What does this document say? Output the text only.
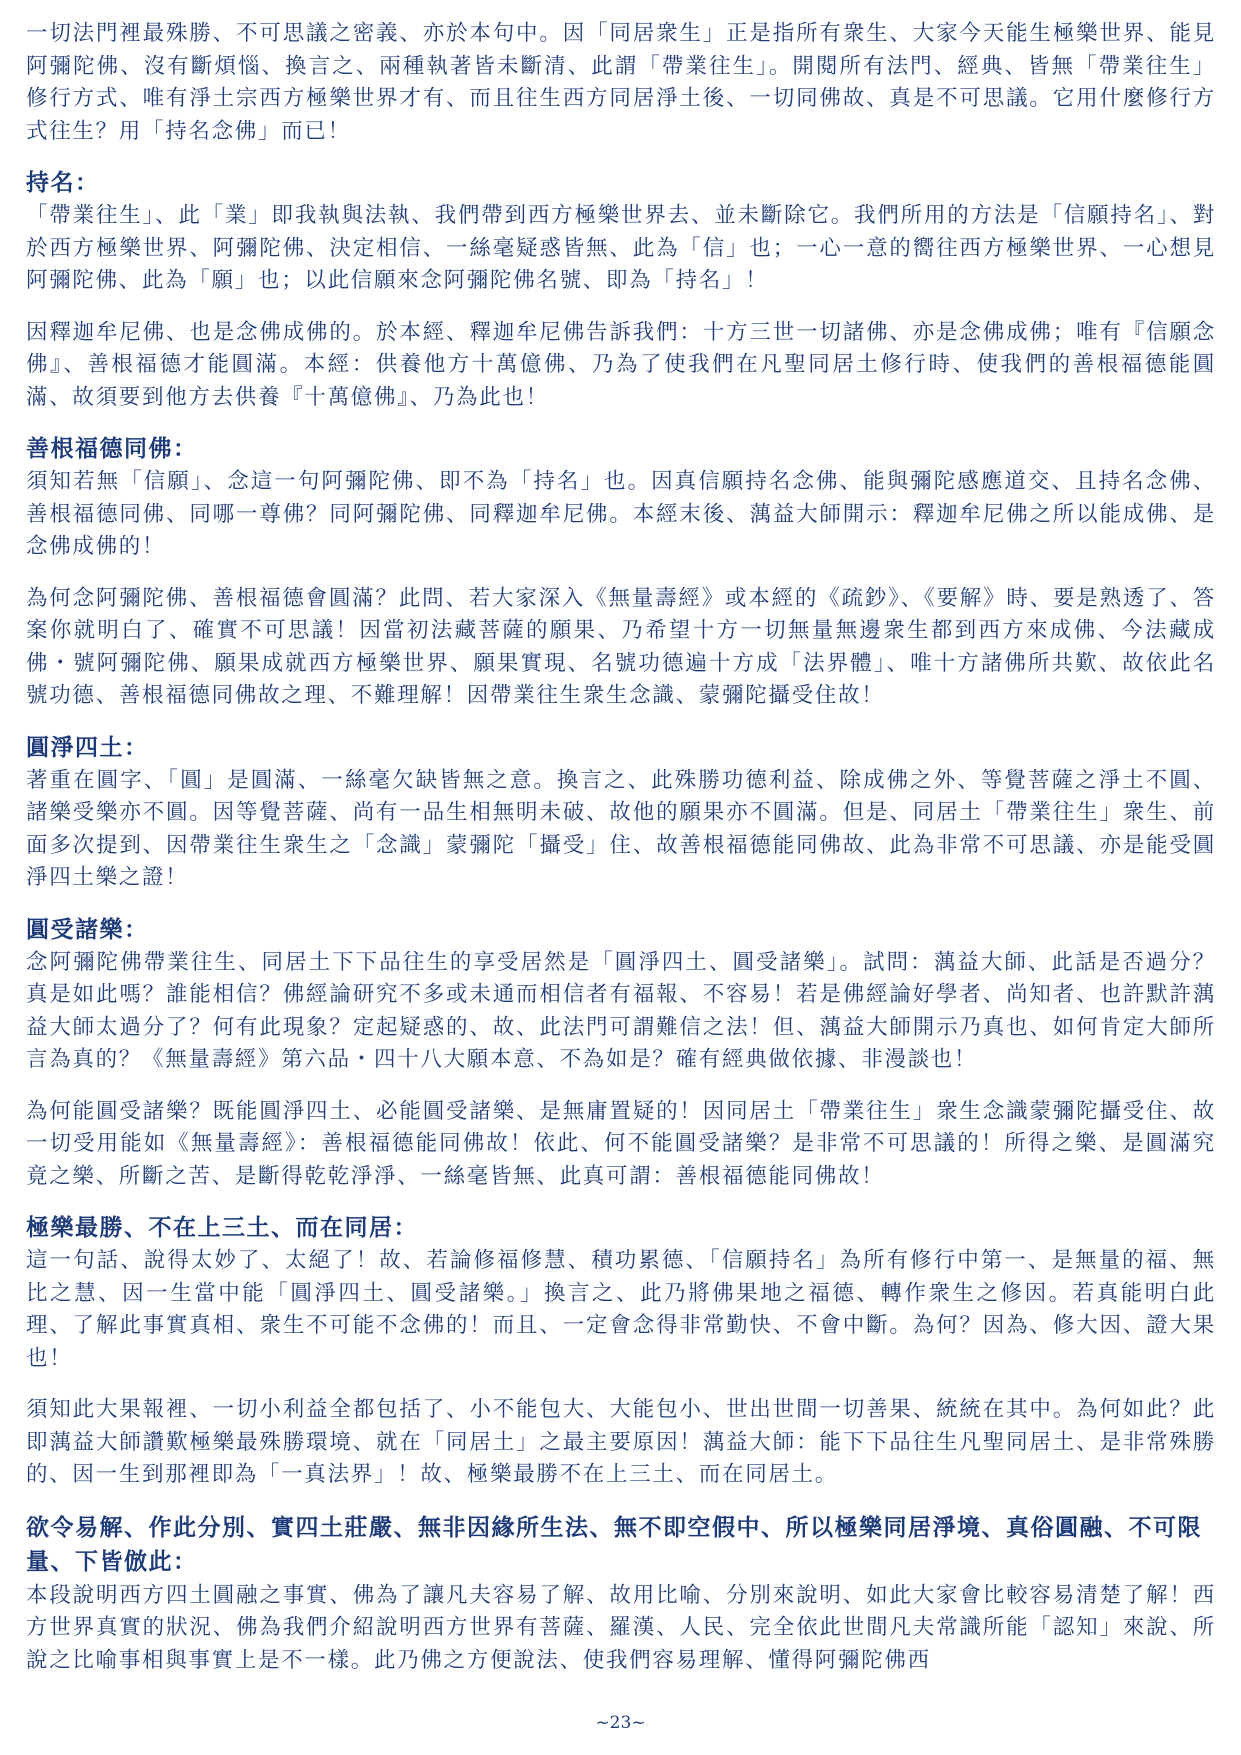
一切法門裡最殊勝、不可思議之密義、亦於本句中。因「同居衆生」正是指所有衆生、大家今天能生極樂世界、能見阿彌陀佛、沒有斷煩惱、換言之、兩種執著皆未斷清、此謂「帶業往生」。開閱所有法門、經典、皆無「帶業往生」修行方式、唯有淨土宗西方極樂世界才有、而且往生西方同居淨土後、一切同佛故、真是不可思議。它用什麼修行方式往生？用「持名念佛」而已！

持名：

「帶業往生」、此「業」即我執與法執、我們帶到西方極樂世界去、並未斷除它。我們所用的方法是「信願持名」、對於西方極樂世界、阿彌陀佛、決定相信、一絲毫疑惑皆無、此為「信」也；一心一意的嚮往西方極樂世界、一心想見阿彌陀佛、此為「願」也；以此信願來念阿彌陀佛名號、即為「持名」！

因釋迦牟尼佛、也是念佛成佛的。於本經、釋迦牟尼佛告訴我們：十方三世一切諸佛、亦是念佛成佛；唯有『信願念佛』、善根福德才能圓滿。本經：供養他方十萬億佛、乃為了使我們在凡聖同居土修行時、使我們的善根福德能圓滿、故須要到他方去供養『十萬億佛』、乃為此也！

善根福德同佛：

須知若無「信願」、念這一句阿彌陀佛、即不為「持名」也。因真信願持名念佛、能與彌陀感應道交、且持名念佛、善根福德同佛、同哪一尊佛？同阿彌陀佛、同釋迦牟尼佛。本經末後、蕅益大師開示：釋迦牟尼佛之所以能成佛、是念佛成佛的！

為何念阿彌陀佛、善根福德會圓滿？此問、若大家深入《無量壽經》或本經的《疏鈔》、《要解》時、要是熟透了、答案你就明白了、確實不可思議！因當初法藏菩薩的願果、乃希望十方一切無量無邊衆生都到西方來成佛、今法藏成佛・號阿彌陀佛、願果成就西方極樂世界、願果實現、名號功德遍十方成「法界體」、唯十方諸佛所共歎、故依此名號功德、善根福德同佛故之理、不難理解！因帶業往生衆生念識、蒙彌陀攝受住故！

圓淨四土：

著重在圓字、「圓」是圓滿、一絲毫欠缺皆無之意。換言之、此殊勝功德利益、除成佛之外、等覺菩薩之淨土不圓、諸樂受樂亦不圓。因等覺菩薩、尚有一品生相無明未破、故他的願果亦不圓滿。但是、同居土「帶業往生」衆生、前面多次提到、因帶業往生衆生之「念識」蒙彌陀「攝受」住、故善根福德能同佛故、此為非常不可思議、亦是能受圓淨四土樂之證！

圓受諸樂：

念阿彌陀佛帶業往生、同居土下下品往生的享受居然是「圓淨四土、圓受諸樂」。試問：蕅益大師、此話是否過分？真是如此嗎？誰能相信？佛經論研究不多或未通而相信者有福報、不容易！若是佛經論好學者、尚知者、也許默許蕅益大師太過分了？何有此現象？定起疑惑的、故、此法門可謂難信之法！但、蕅益大師開示乃真也、如何肯定大師所言為真的？《無量壽經》第六品・四十八大願本意、不為如是？確有經典做依據、非漫談也！

為何能圓受諸樂？既能圓淨四土、必能圓受諸樂、是無庸置疑的！因同居土「帶業往生」衆生念識蒙彌陀攝受住、故一切受用能如《無量壽經》：善根福德能同佛故！依此、何不能圓受諸樂？是非常不可思議的！所得之樂、是圓滿究竟之樂、所斷之苦、是斷得乾乾淨淨、一絲毫皆無、此真可謂：善根福德能同佛故！

極樂最勝、不在上三土、而在同居：

這一句話、說得太妙了、太絕了！故、若論修福修慧、積功累德、「信願持名」為所有修行中第一、是無量的福、無比之慧、因一生當中能「圓淨四土、圓受諸樂。」換言之、此乃將佛果地之福德、轉作衆生之修因。若真能明白此理、了解此事實真相、衆生不可能不念佛的！而且、一定會念得非常勤快、不會中斷。為何？因為、修大因、證大果也！

須知此大果報裡、一切小利益全都包括了、小不能包大、大能包小、世出世間一切善果、統統在其中。為何如此？此即蕅益大師讚歎極樂最殊勝環境、就在「同居土」之最主要原因！蕅益大師：能下下品往生凡聖同居土、是非常殊勝的、因一生到那裡即為「一真法界」！故、極樂最勝不在上三土、而在同居土。

欲令易解、作此分別、實四土莊嚴、無非因緣所生法、無不即空假中、所以極樂同居淨境、真俗圓融、不可限量、下皆倣此：

本段說明西方四土圓融之事實、佛為了讓凡夫容易了解、故用比喻、分別來說明、如此大家會比較容易清楚了解！西方世界真實的狀況、佛為我們介紹說明西方世界有菩薩、羅漢、人民、完全依此世間凡夫常識所能「認知」來說、所說之比喻事相與事實上是不一樣。此乃佛之方便說法、使我們容易理解、懂得阿彌陀佛西

~23~
